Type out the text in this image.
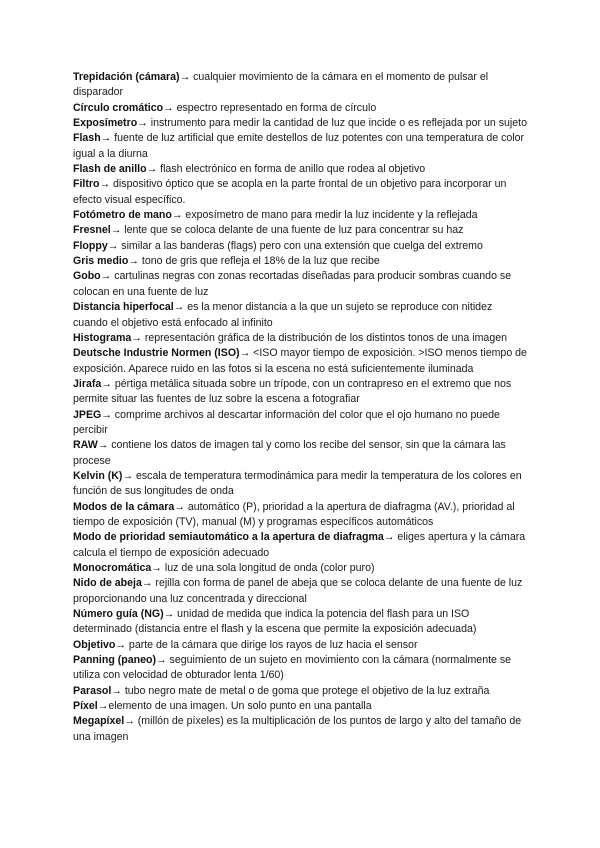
Trepidación (cámara)→ cualquier movimiento de la cámara en el momento de pulsar el disparador

Círculo cromático→ espectro representado en forma de círculo

Exposímetro→ instrumento para medir la cantidad de luz que incide o es reflejada por un sujeto

Flash→ fuente de luz artificial que emite destellos de luz potentes con una temperatura de color igual a la diurna

Flash de anillo→ flash electrónico en forma de anillo que rodea al objetivo

Filtro→ dispositivo óptico que se acopla en la parte frontal de un objetivo para incorporar un efecto visual específico.

Fotómetro de mano→ exposímetro de mano para medir la luz incidente y la reflejada

Fresnel→ lente que se coloca delante de una fuente de luz para concentrar su haz

Floppy→ similar a las banderas (flags) pero con una extensión que cuelga del extremo

Gris medio→ tono de gris que refleja el 18% de la luz que recibe

Gobo→ cartulinas negras con zonas recortadas diseñadas para producir sombras cuando se colocan en una fuente de luz

Distancia hiperfocal→ es la menor distancia a la que un sujeto se reproduce con nitidez cuando el objetivo está enfocado al infinito

Histograma→ representación gráfica de la distribución de los distintos tonos de una imagen

Deutsche Industrie Normen (ISO)→ <ISO mayor tiempo de exposición. >ISO menos tiempo de exposición. Aparece ruido en las fotos si la escena no está suficientemente iluminada

Jirafa→ pértiga metálica situada sobre un trípode, con un contrapreso en el extremo que nos permite situar las fuentes de luz sobre la escena a fotografiar

JPEG→ comprime archivos al descartar información del color que el ojo humano no puede percibir

RAW→ contiene los datos de imagen tal y como los recibe del sensor, sin que la cámara las procese

Kelvin (K)→ escala de temperatura termodinámica para medir la temperatura de los colores en función de sus longitudes de onda

Modos de la cámara→ automático (P), prioridad a la apertura de diafragma (AV.), prioridad al tiempo de exposición (TV), manual (M) y programas específicos automáticos

Modo de prioridad semiautomático a la apertura de diafragma→ eliges apertura y la cámara calcula el tiempo de exposición adecuado

Monocromática→ luz de una sola longitud de onda (color puro)

Nido de abeja→ rejilla con forma de panel de abeja que se coloca delante de una fuente de luz proporcionando una luz concentrada y direccional

Número guía (NG)→ unidad de medida que indica la potencia del flash para un ISO determinado (distancia entre el flash y la escena que permite la exposición adecuada)

Objetivo→ parte de la cámara que dirige los rayos de luz hacia el sensor

Panning (paneo)→ seguimiento de un sujeto en movimiento con la cámara (normalmente se utiliza con velocidad de obturador lenta 1/60)

Parasol→ tubo negro mate de metal o de goma que protege el objetivo de la luz extraña

Píxel→elemento de una imagen. Un solo punto en una pantalla

Megapíxel→ (millón de píxeles) es la multiplicación de los puntos de largo y alto del tamaño de una imagen
